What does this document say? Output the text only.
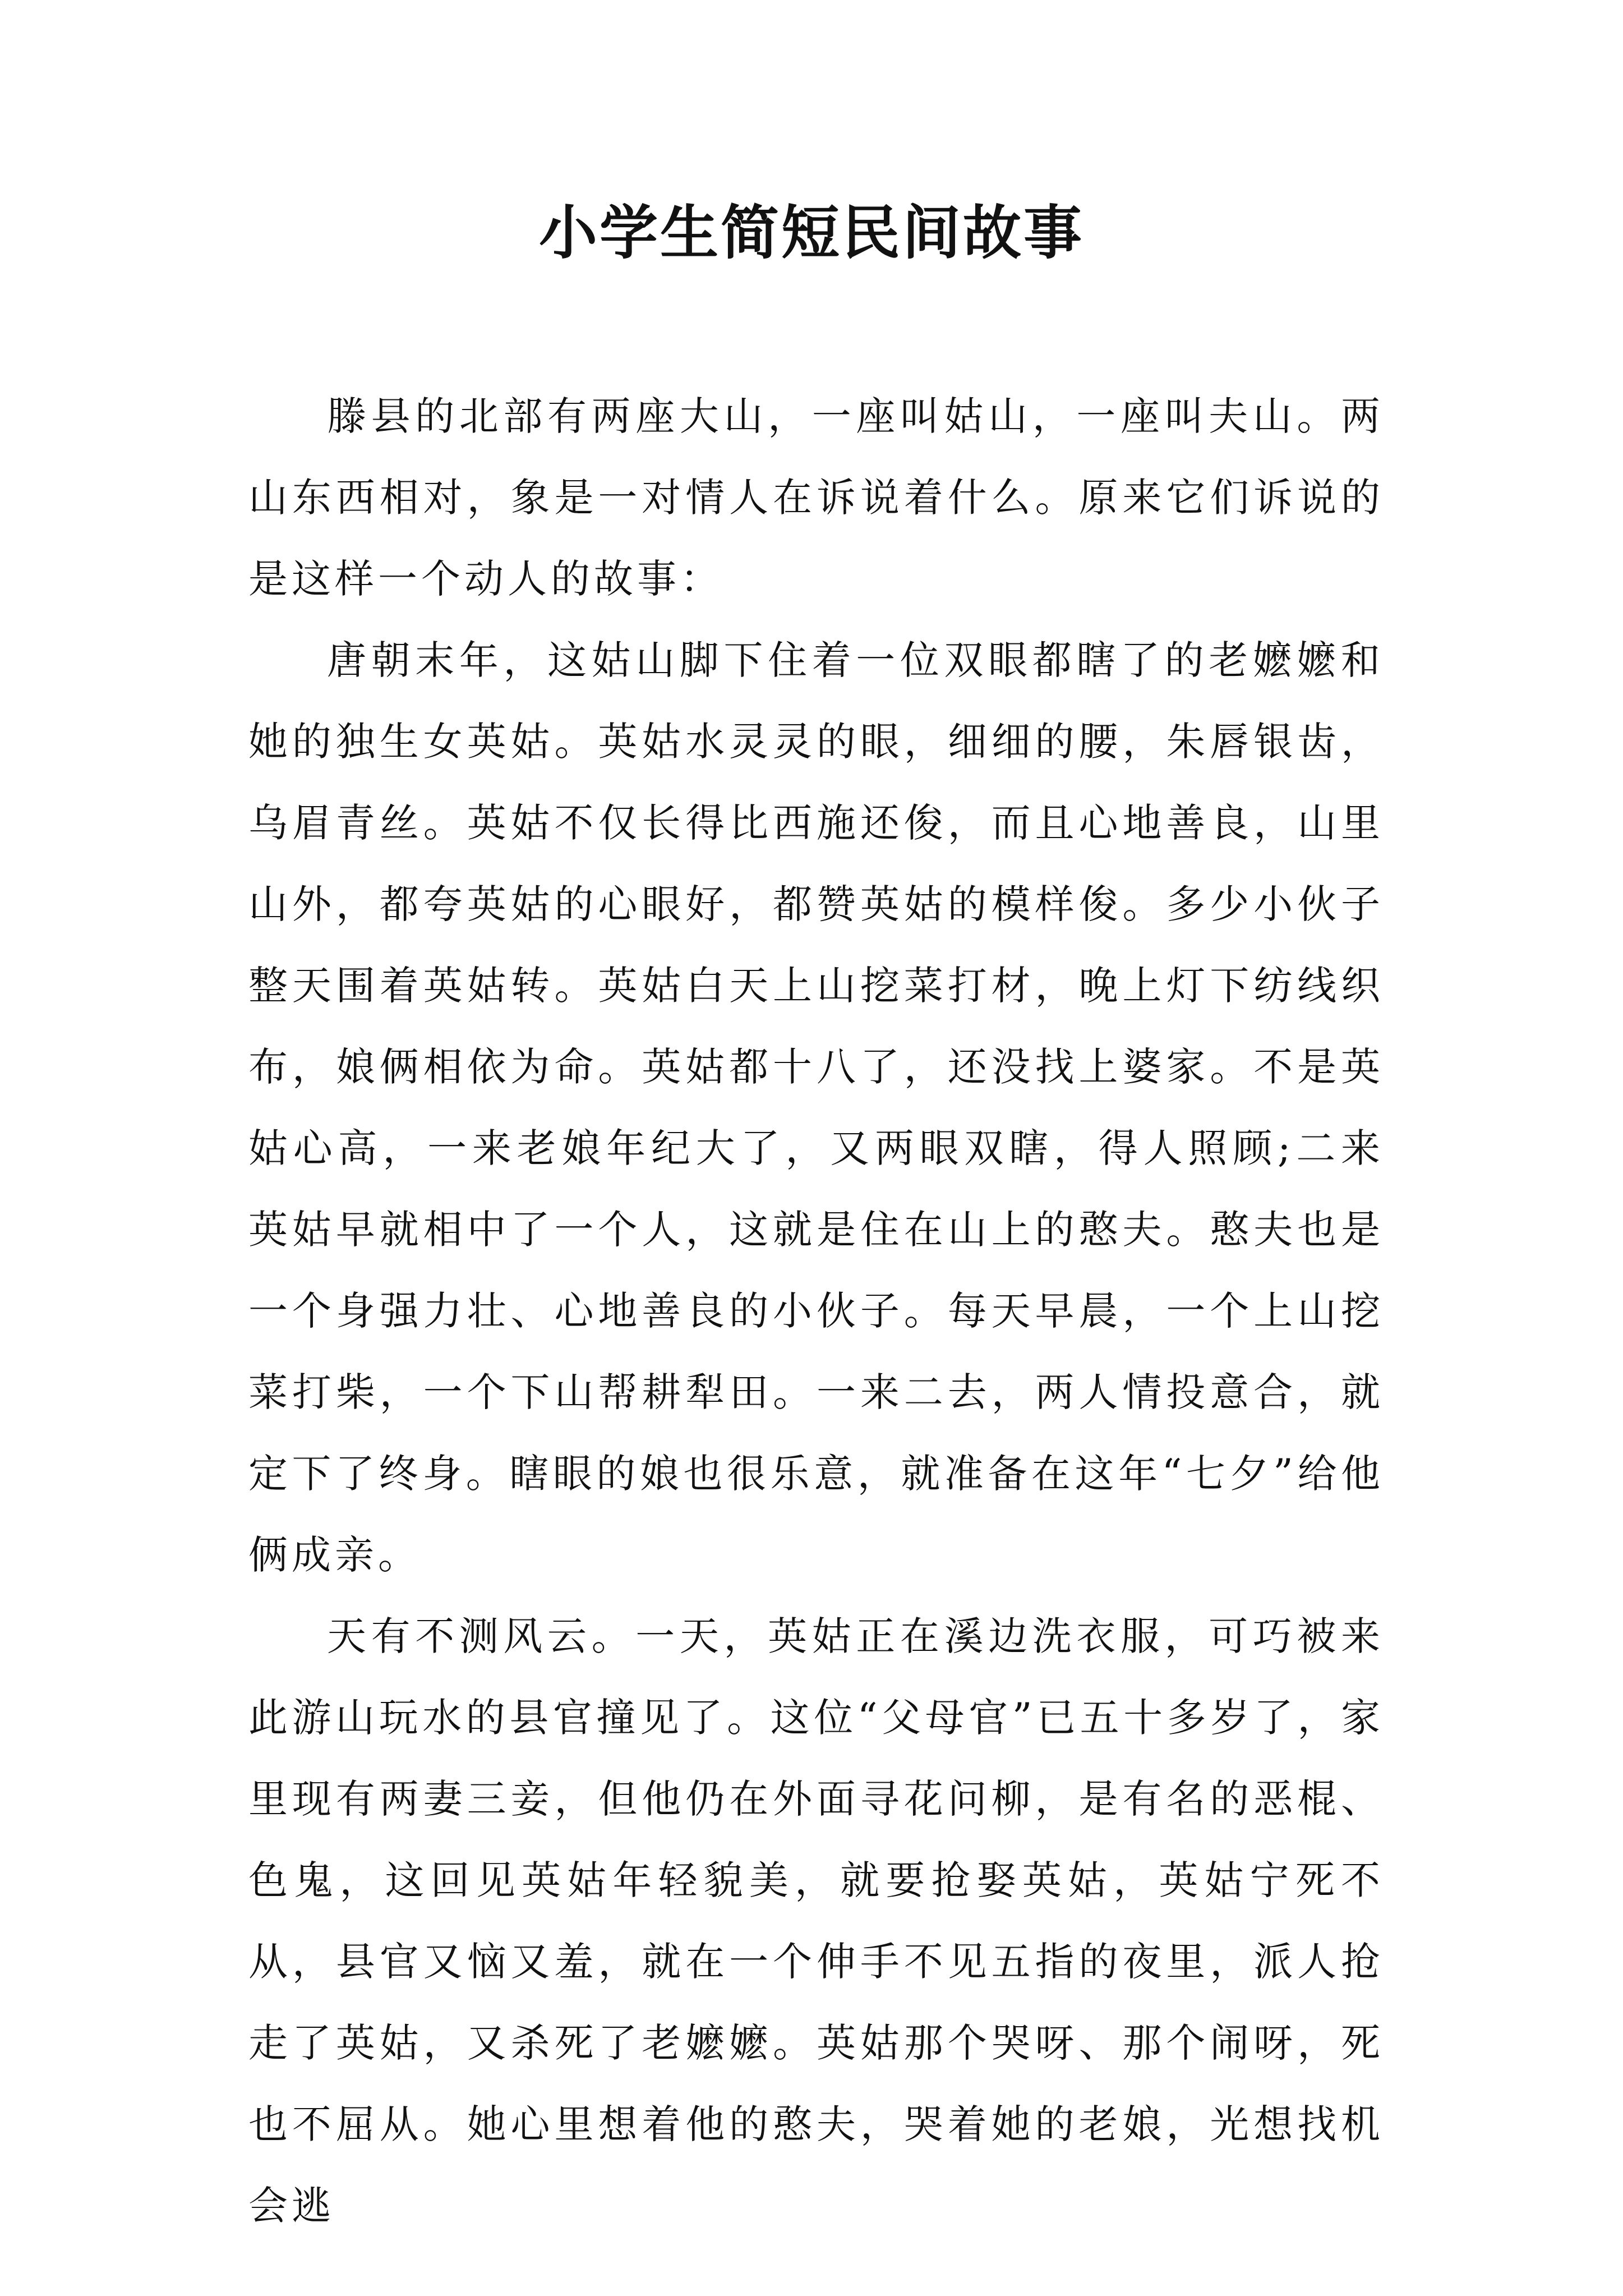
小学生简短民间故事

滕县的北部有两座大山，一座叫姑山，一座叫夫山。两山东西相对，象是一对情人在诉说着什么。原来它们诉说的是这样一个动人的故事：

唐朝末年，这姑山脚下住着一位双眼都瞎了的老嬷嬷和她的独生女英姑。英姑水灵灵的眼，细细的腰，朱唇银齿，乌眉青丝。英姑不仅长得比西施还俊，而且心地善良，山里山外，都夸英姑的心眼好，都赞英姑的模样俊。多少小伙子整天围着英姑转。英姑白天上山挖菜打材，晚上灯下纺线织布，娘俩相依为命。英姑都十八了，还没找上婆家。不是英姑心高，一来老娘年纪大了，又两眼双瞎，得人照顾;二来英姑早就相中了一个人，这就是住在山上的憨夫。憨夫也是一个身强力壮、心地善良的小伙子。每天早晨，一个上山挖菜打柴，一个下山帮耕犁田。一来二去，两人情投意合，就定下了终身。瞎眼的娘也很乐意，就准备在这年“七夕”给他俩成亲。

天有不测风云。一天，英姑正在溪边洗衣服，可巧被来此游山玩水的县官撞见了。这位“父母官”已五十多岁了，家里现有两妻三妾，但他仍在外面寻花问柳，是有名的恶棍、色鬼，这回见英姑年轻貌美，就要抢娶英姑，英姑宁死不从，县官又恼又羞，就在一个伸手不见五指的夜里，派人抢走了英姑，又杀死了老嬷嬷。英姑那个哭呀、那个闹呀，死也不屈从。她心里想着他的憨夫，哭着她的老娘，光想找机会逃
